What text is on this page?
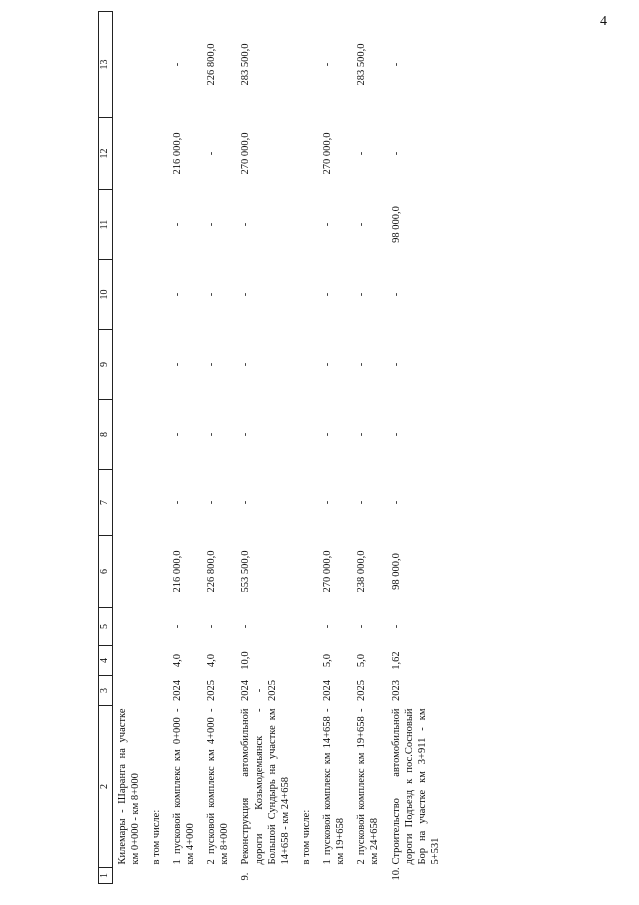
4
1	2	3	4	5	6	7	8	9	10	11	12	13
	Килемары - Шаранга на участке км 0+000 - км 8+000											
	в том числе:											
	1 пусковой комплекс км 0+000 - км 4+000	2024	4,0	-	216 000,0	-	-	-	-	-	216 000,0	-
	2 пусковой комплекс км 4+000 - км 8+000	2025	4,0	-	226 800,0	-	-	-	-	-	-	226 800,0
9.	Реконструкция автомобильной дороги Козьмодемьянск - Большой Сундырь на участке км 14+658 - км 24+658	2024 - 2025	10,0	-	553 500,0	-	-	-	-	-	270 000,0	283 500,0
	в том числе:											
	1 пусковой комплекс км 14+658 - км 19+658	2024	5,0	-	270 000,0	-	-	-	-	-	270 000,0	-
	2 пусковой комплекс км 19+658 - км 24+658	2025	5,0	-	238 000,0	-	-	-	-	-	-	283 500,0
10.	Строительство автомобильной дороги Подъезд к пос.Сосновый Бор на участке км 3+911 - км 5+531	2023	1,62	-	98 000,0	-	-	-	-	98 000,0	-	-
